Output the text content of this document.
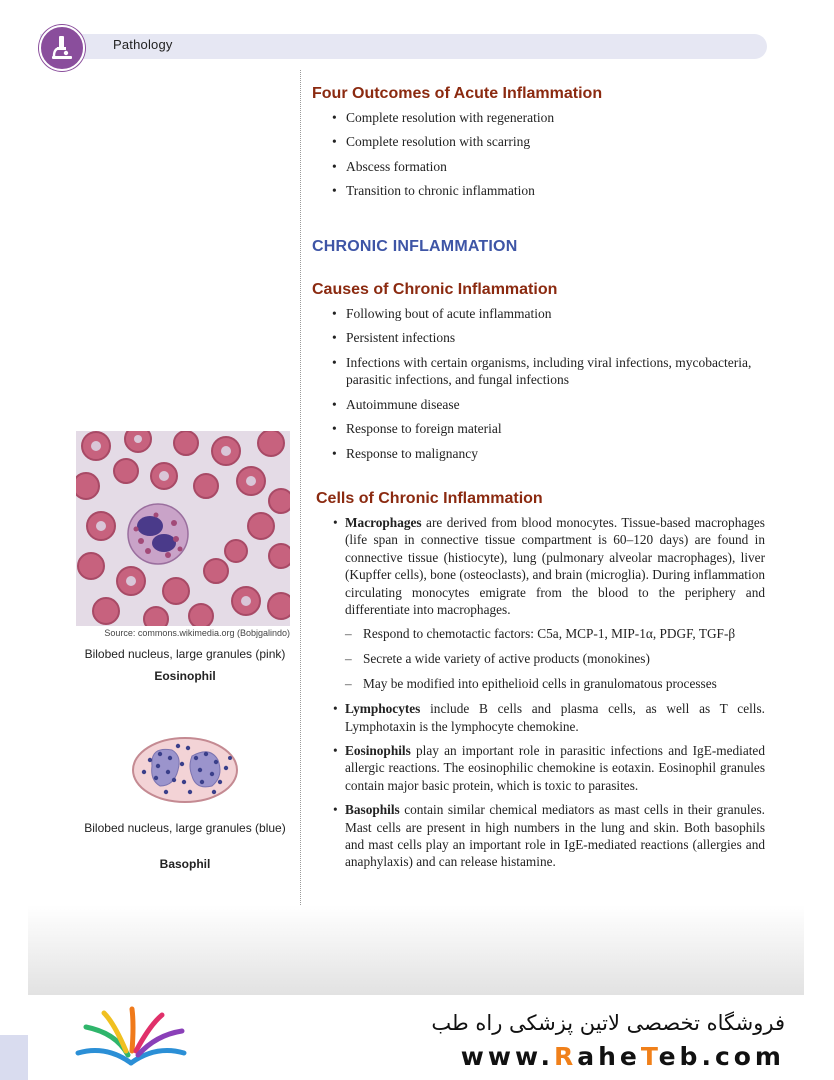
Pathology
Four Outcomes of Acute Inflammation
• Complete resolution with regeneration
• Complete resolution with scarring
• Abscess formation
• Transition to chronic inflammation
CHRONIC INFLAMMATION
Causes of Chronic Inflammation
• Following bout of acute inflammation
• Persistent infections
• Infections with certain organisms, including viral infections, mycobacteria, parasitic infections, and fungal infections
• Autoimmune disease
• Response to foreign material
• Response to malignancy
Cells of Chronic Inflammation
• Macrophages are derived from blood monocytes. Tissue-based macrophages (life span in connective tissue compartment is 60–120 days) are found in connective tissue (histiocyte), lung (pulmonary alveolar macrophages), liver (Kupffer cells), bone (osteoclasts), and brain (microglia). During inflammation circulating monocytes emigrate from the blood to the periphery and differentiate into macrophages.
– Respond to chemotactic factors: C5a, MCP-1, MIP-1α, PDGF, TGF-β
– Secrete a wide variety of active products (monokines)
– May be modified into epithelioid cells in granulomatous processes
• Lymphocytes include B cells and plasma cells, as well as T cells. Lymphotaxin is the lymphocyte chemokine.
• Eosinophils play an important role in parasitic infections and IgE-mediated allergic reactions. The eosinophilic chemokine is eotaxin. Eosinophil granules contain major basic protein, which is toxic to parasites.
• Basophils contain similar chemical mediators as mast cells in their granules. Mast cells are present in high numbers in the lung and skin. Both basophils and mast cells play an important role in IgE-mediated reactions (allergies and anaphylaxis) and can release histamine.
Source: commons.wikimedia.org (Bobjgalindo)
Bilobed nucleus, large granules (pink)
Eosinophil
Bilobed nucleus, large granules (blue)
Basophil
فروشگاه تخصصی لاتین پزشکی راه طب
www.RaheTeb.com
